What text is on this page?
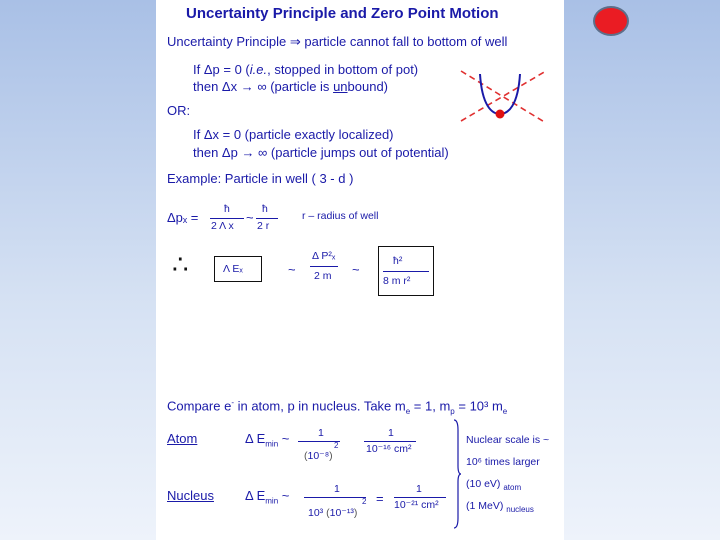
Uncertainty Principle and Zero Point Motion
Uncertainty Principle ⇒ particle cannot fall to bottom of well
If Δp = 0 (i.e., stopped in bottom of pot)
then Δx → ∞ (particle is unbound)
OR:
If Δx = 0 (particle exactly localized)
then Δp → ∞ (particle jumps out of potential)
Example: Particle in well ( 3 - d )
Δpₓ =
ħ
2 Λ x
~
ħ
2 r
r – radius of well
∴	Λ Eₓ	~
Δ P²ₓ
2 m ~
ħ²
8 m r²
Compare e- in atom, p in nucleus. Take $m_e = 1$, $m_p = 10^3$ $m_e$
Atom	Δ $E_{min}$ ~	1
(10⁻⁸)
2
1
10⁻¹⁶ cm²
Nucleus Δ $E_{min}$ ~	1
10³ (10⁻¹³)
2 =
1
10⁻²¹ cm²
Nuclear scale is ~
10⁶ times larger
(10 eV) $_{atom}$
(1 MeV) $_{nucleus}$
